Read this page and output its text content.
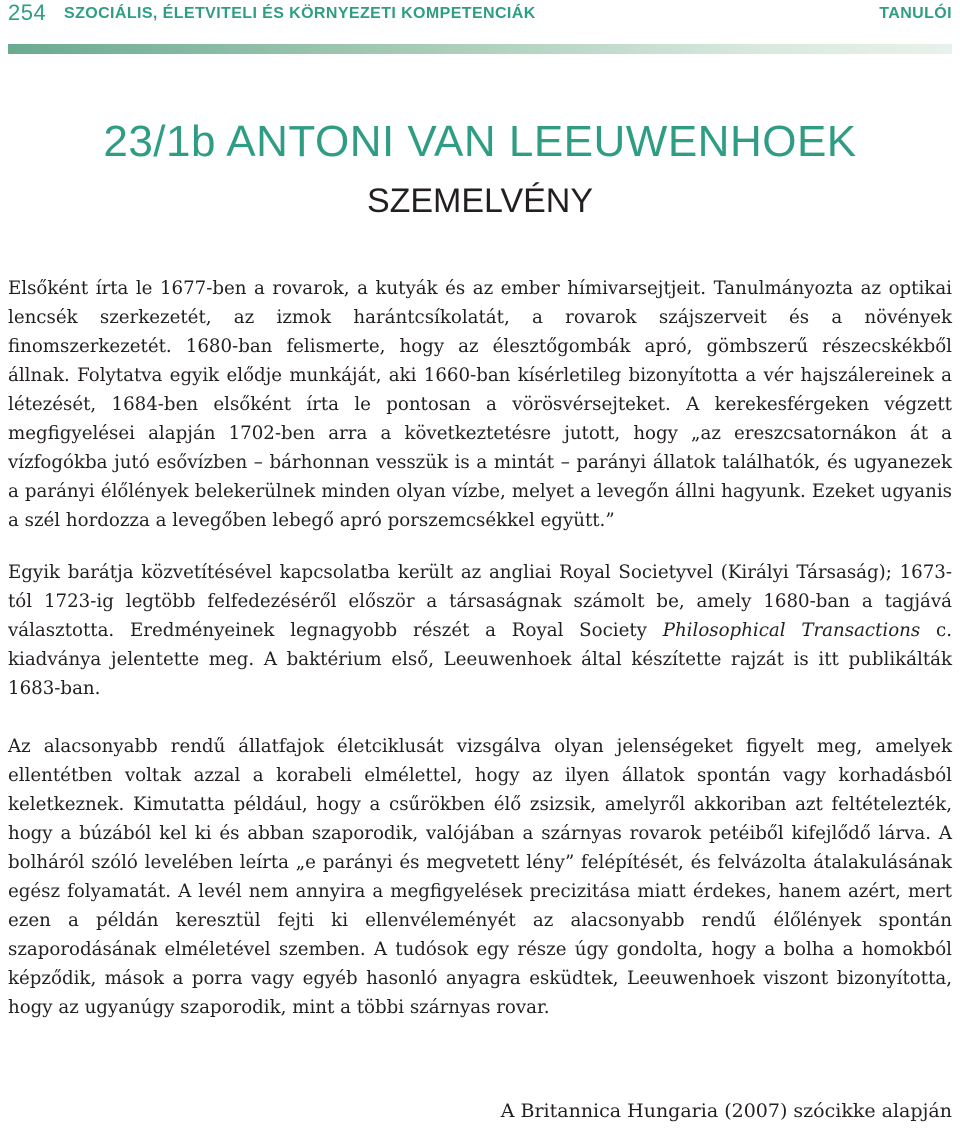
254 SZOCIÁLIS, ÉLETVITELI ÉS KÖRNYEZETI KOMPETENCIÁK	TANULÓI
23/1b ANTONI VAN LEEUWENHOEK
SZEMELVÉNY

Elsőként írta le 1677-ben a rovarok, a kutyák és az ember hímivarsejtjeit. Tanulmányozta az optikai lencsék szerkezetét, az izmok harántcsíkolatát, a rovarok szájszerveit és a növények finomszerkezetét. 1680-ban felismerte, hogy az élesztőgombák apró, gömbszerű részecskékből állnak. Folytatva egyik elődje munkáját, aki 1660-ban kísérletileg bizonyította a vér hajszálereinek a létezését, 1684-ben elsőként írta le pontosan a vörösvérsejteket. A kerekesférgeken végzett megfigyelései alapján 1702-ben arra a következtetésre jutott, hogy „az ereszcsatornákon át a vízfogókba jutó esővízben – bárhonnan vesszük is a mintát – parányi állatok találhatók, és ugyanezek a parányi élőlények belekerülnek minden olyan vízbe, melyet a levegőn állni hagyunk. Ezeket ugyanis a szél hordozza a levegőben lebegő apró porszemcsékkel együtt.”

Egyik barátja közvetítésével kapcsolatba került az angliai Royal Societyvel (Királyi Társaság); 1673-tól 1723-ig legtöbb felfedezéséről először a társaságnak számolt be, amely 1680-ban a tagjává választotta. Eredményeinek legnagyobb részét a Royal Society Philosophical Transactions c. kiadványa jelentette meg. A baktérium első, Leeuwenhoek által készítette rajzát is itt publikálták 1683-ban.

Az alacsonyabb rendű állatfajok életciklusát vizsgálva olyan jelenségeket figyelt meg, amelyek ellentétben voltak azzal a korabeli elmélettel, hogy az ilyen állatok spontán vagy korhadásból keletkeznek. Kimutatta például, hogy a csűrökben élő zsizsik, amelyről akkoriban azt feltételezték, hogy a búzából kel ki és abban szaporodik, valójában a szárnyas rovarok petéiből kifejlődő lárva. A bolháról szóló levelében leírta „e parányi és megvetett lény” felépítését, és felvázolta átalakulásának egész folyamatát. A levél nem annyira a megfigyelések precizitása miatt érdekes, hanem azért, mert ezen a példán keresztül fejti ki ellenvéleményét az alacsonyabb rendű élőlények spontán szaporodásának elméletével szemben. A tudósok egy része úgy gondolta, hogy a bolha a homokból képződik, mások a porra vagy egyéb hasonló anyagra esküdtek, Leeuwenhoek viszont bizonyította, hogy az ugyanúgy szaporodik, mint a többi szárnyas rovar.

A Britannica Hungaria (2007) szócikke alapján
